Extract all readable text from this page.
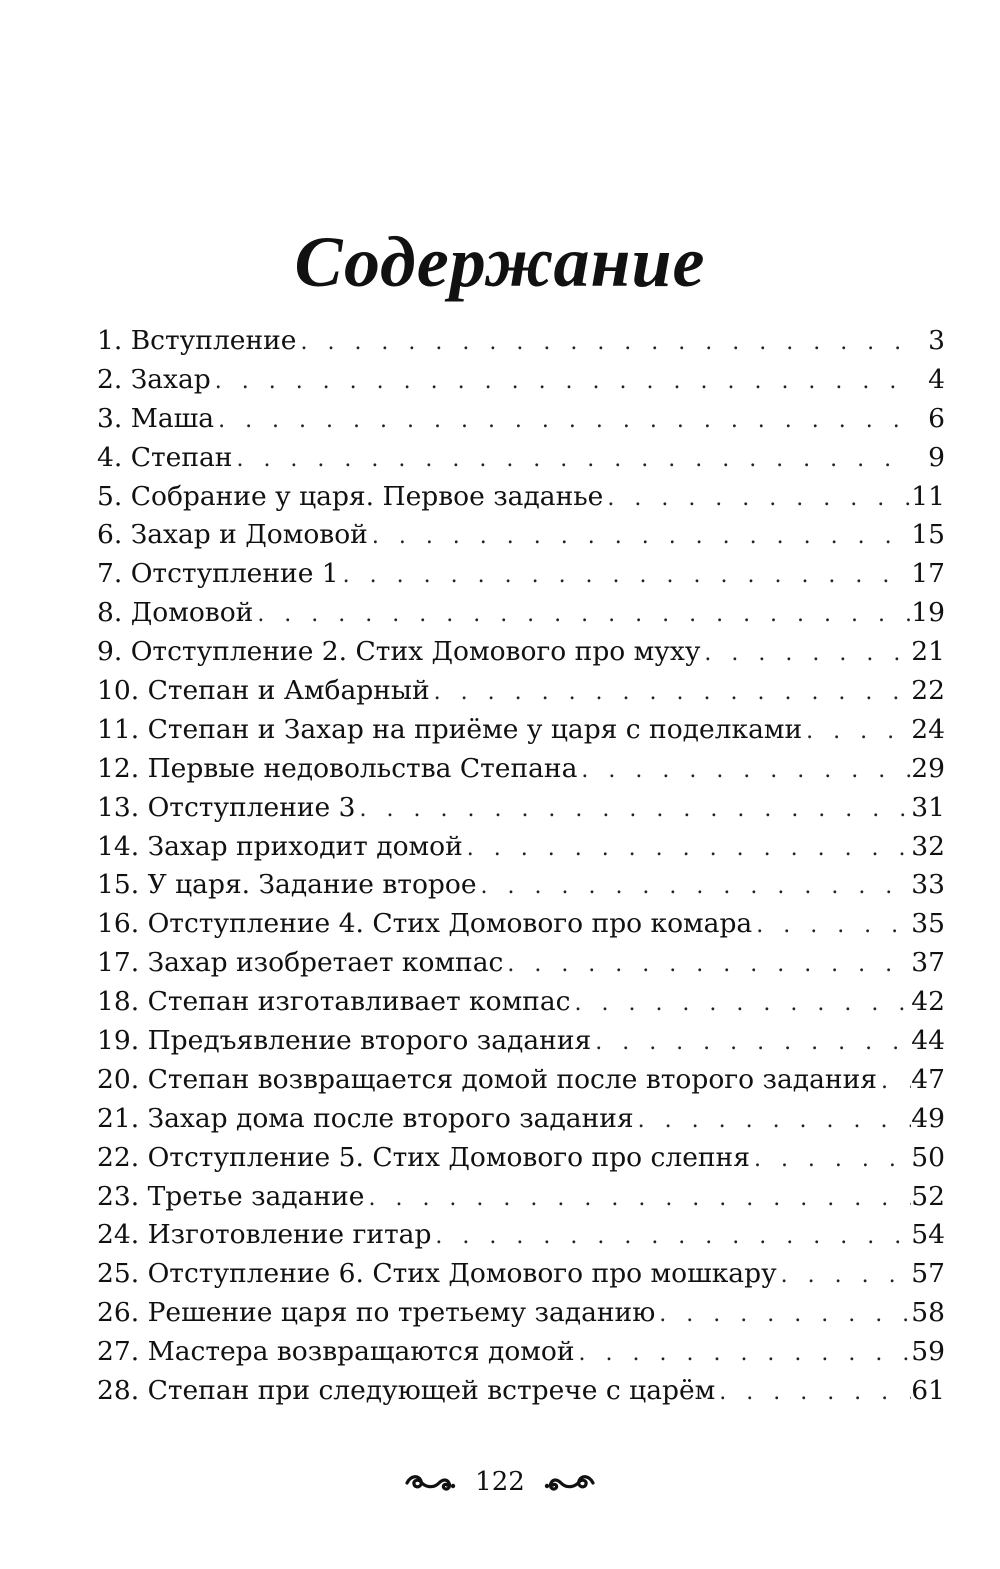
Содержание
1. Вступление . . .	3
2. Захар . . .	4
3. Маша . . .	6
4. Степан . . .	9
5. Собрание у царя. Первое заданье . . .	11
6. Захар и Домовой . . .	15
7. Отступление 1 . . .	17
8. Домовой . . .	19
9. Отступление 2. Стих Домового про муху . . .	21
10. Степан и Амбарный . . .	22
11. Степан и Захар на приёме у царя с поделками . . .	24
12. Первые недовольства Степана . . .	29
13. Отступление 3 . . .	31
14. Захар приходит домой . . .	32
15. У царя. Задание второе . . .	33
16. Отступление 4. Стих Домового про комара . . .	35
17. Захар изобретает компас . . .	37
18. Степан изготавливает компас . . .	42
19. Предъявление второго задания . . .	44
20. Степан возвращается домой после второго задания . . . 47
21. Захар дома после второго задания . . .	49
22. Отступление 5. Стих Домового про слепня . . .	50
23. Третье задание . . .	52
24. Изготовление гитар . . .	54
25. Отступление 6. Стих Домового про мошкару . . .	57
26. Решение царя по третьему заданию . . .	58
27. Мастера возвращаются домой . . .	59
28. Степан при следующей встрече с царём . . .	61
122
